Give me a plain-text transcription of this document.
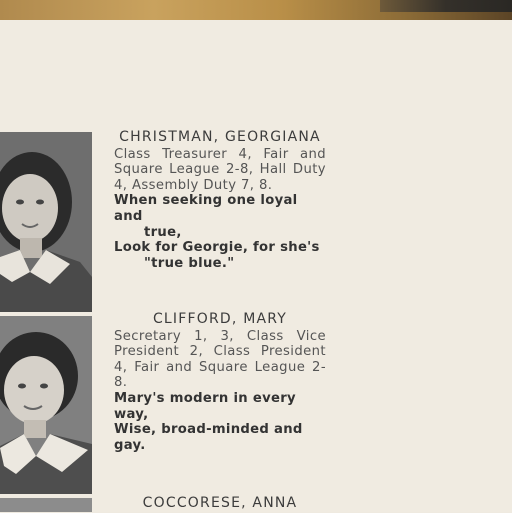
CHRISTMAN, GEORGIANA
Class Treasurer 4, Fair and Square League 2-8, Hall Duty 4, Assembly Duty 7, 8.
When seeking one loyal and
true,
Look for Georgie, for she's
"true blue."
CLIFFORD, MARY
Secretary 1, 3, Class Vice President 2, Class President 4, Fair and Square League 2-8.
Mary's modern in every way,
Wise, broad-minded and gay.
COCCORESE, ANNA
